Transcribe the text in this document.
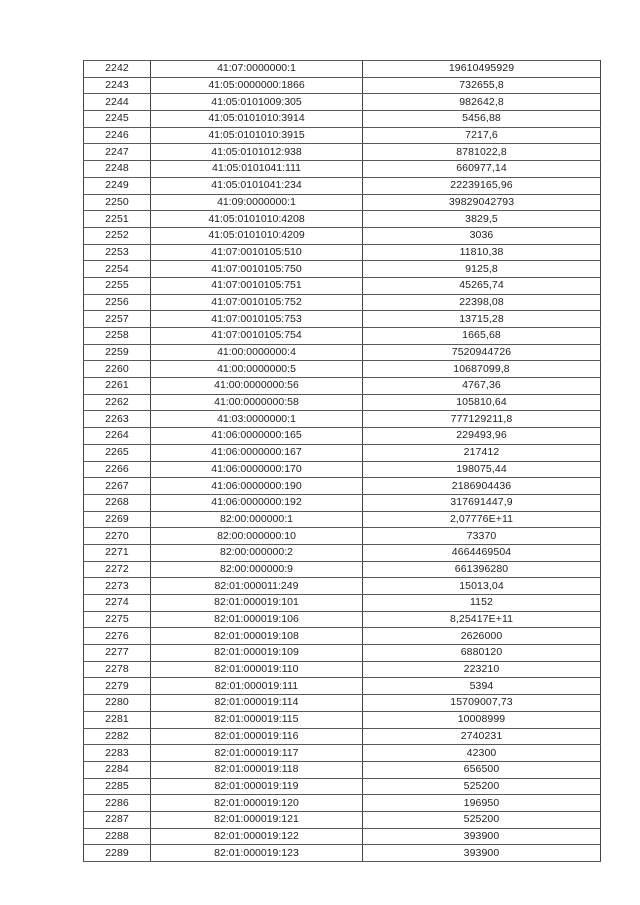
2242	41:07:0000000:1	19610495929
2243	41:05:0000000:1866	732655,8
2244	41:05:0101009:305	982642,8
2245	41:05:0101010:3914	5456,88
2246	41:05:0101010:3915	7217,6
2247	41:05:0101012:938	8781022,8
2248	41:05:0101041:111	660977,14
2249	41:05:0101041:234	22239165,96
2250	41:09:0000000:1	39829042793
2251	41:05:0101010:4208	3829,5
2252	41:05:0101010:4209	3036
2253	41:07:0010105:510	11810,38
2254	41:07:0010105:750	9125,8
2255	41:07:0010105:751	45265,74
2256	41:07:0010105:752	22398,08
2257	41:07:0010105:753	13715,28
2258	41:07:0010105:754	1665,68
2259	41:00:0000000:4	7520944726
2260	41:00:0000000:5	10687099,8
2261	41:00:0000000:56	4767,36
2262	41:00:0000000:58	105810,64
2263	41:03:0000000:1	777129211,8
2264	41:06:0000000:165	229493,96
2265	41:06:0000000:167	217412
2266	41:06:0000000:170	198075,44
2267	41:06:0000000:190	2186904436
2268	41:06:0000000:192	317691447,9
2269	82:00:000000:1	2,07776E+11
2270	82:00:000000:10	73370
2271	82:00:000000:2	4664469504
2272	82:00:000000:9	661396280
2273	82:01:000011:249	15013,04
2274	82:01:000019:101	1152
2275	82:01:000019:106	8,25417E+11
2276	82:01:000019:108	2626000
2277	82:01:000019:109	6880120
2278	82:01:000019:110	223210
2279	82:01:000019:111	5394
2280	82:01:000019:114	15709007,73
2281	82:01:000019:115	10008999
2282	82:01:000019:116	2740231
2283	82:01:000019:117	42300
2284	82:01:000019:118	656500
2285	82:01:000019:119	525200
2286	82:01:000019:120	196950
2287	82:01:000019:121	525200
2288	82:01:000019:122	393900
2289	82:01:000019:123	393900
